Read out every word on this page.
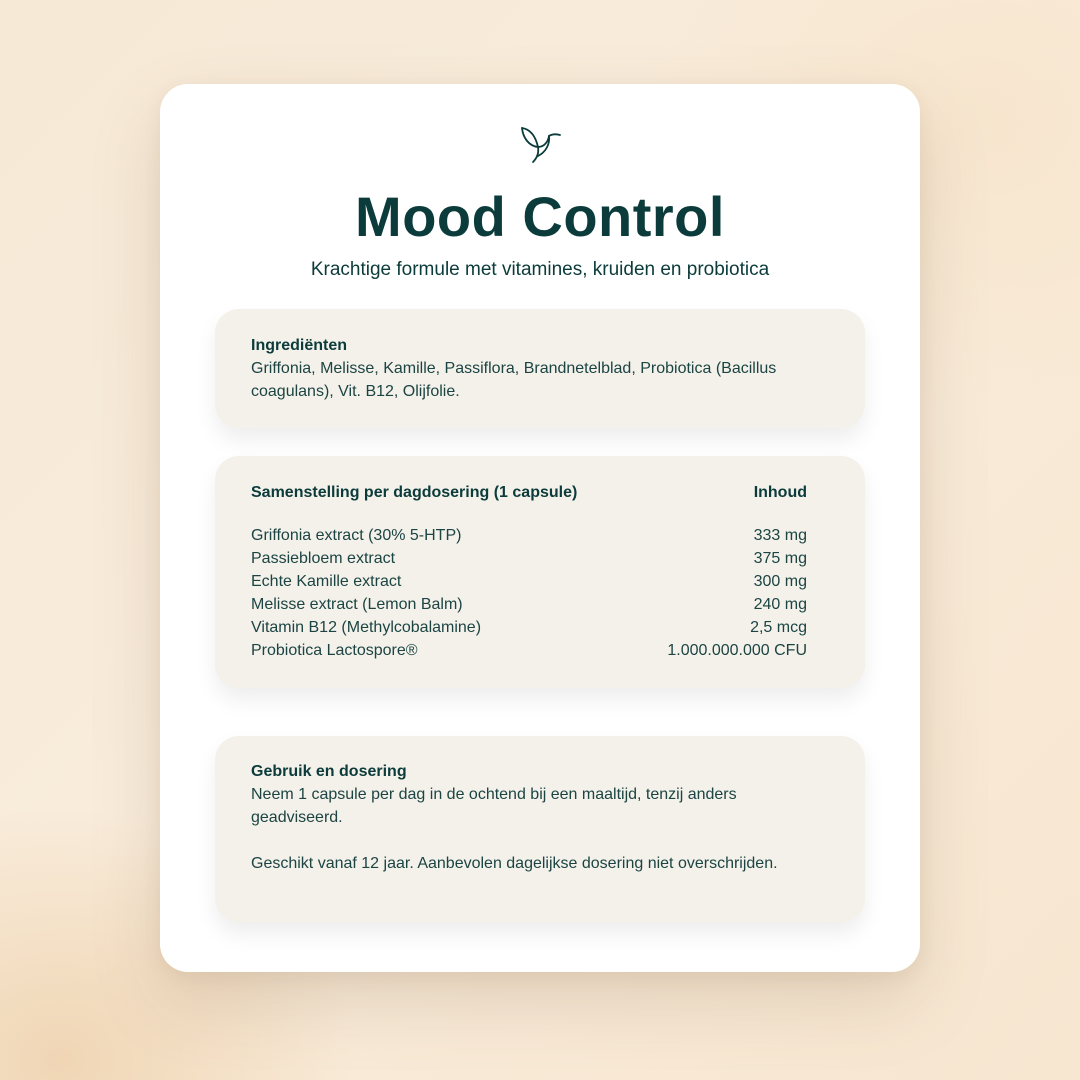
Mood Control
Krachtige formule met vitamines, kruiden en probiotica
Ingrediënten
Griffonia, Melisse, Kamille, Passiflora, Brandnetelblad, Probiotica (Bacillus coagulans), Vit. B12, Olijfolie.
Samenstelling per dagdosering (1 capsule)	Inhoud
Griffonia extract (30% 5-HTP)	333 mg
Passiebloem extract	375 mg
Echte Kamille extract	300 mg
Melisse extract (Lemon Balm)	240 mg
Vitamin B12 (Methylcobalamine)	2,5 mcg
Probiotica Lactospore®	1.000.000.000 CFU
Gebruik en dosering
Neem 1 capsule per dag in de ochtend bij een maaltijd, tenzij anders geadviseerd.
Geschikt vanaf 12 jaar. Aanbevolen dagelijkse dosering niet overschrijden.
